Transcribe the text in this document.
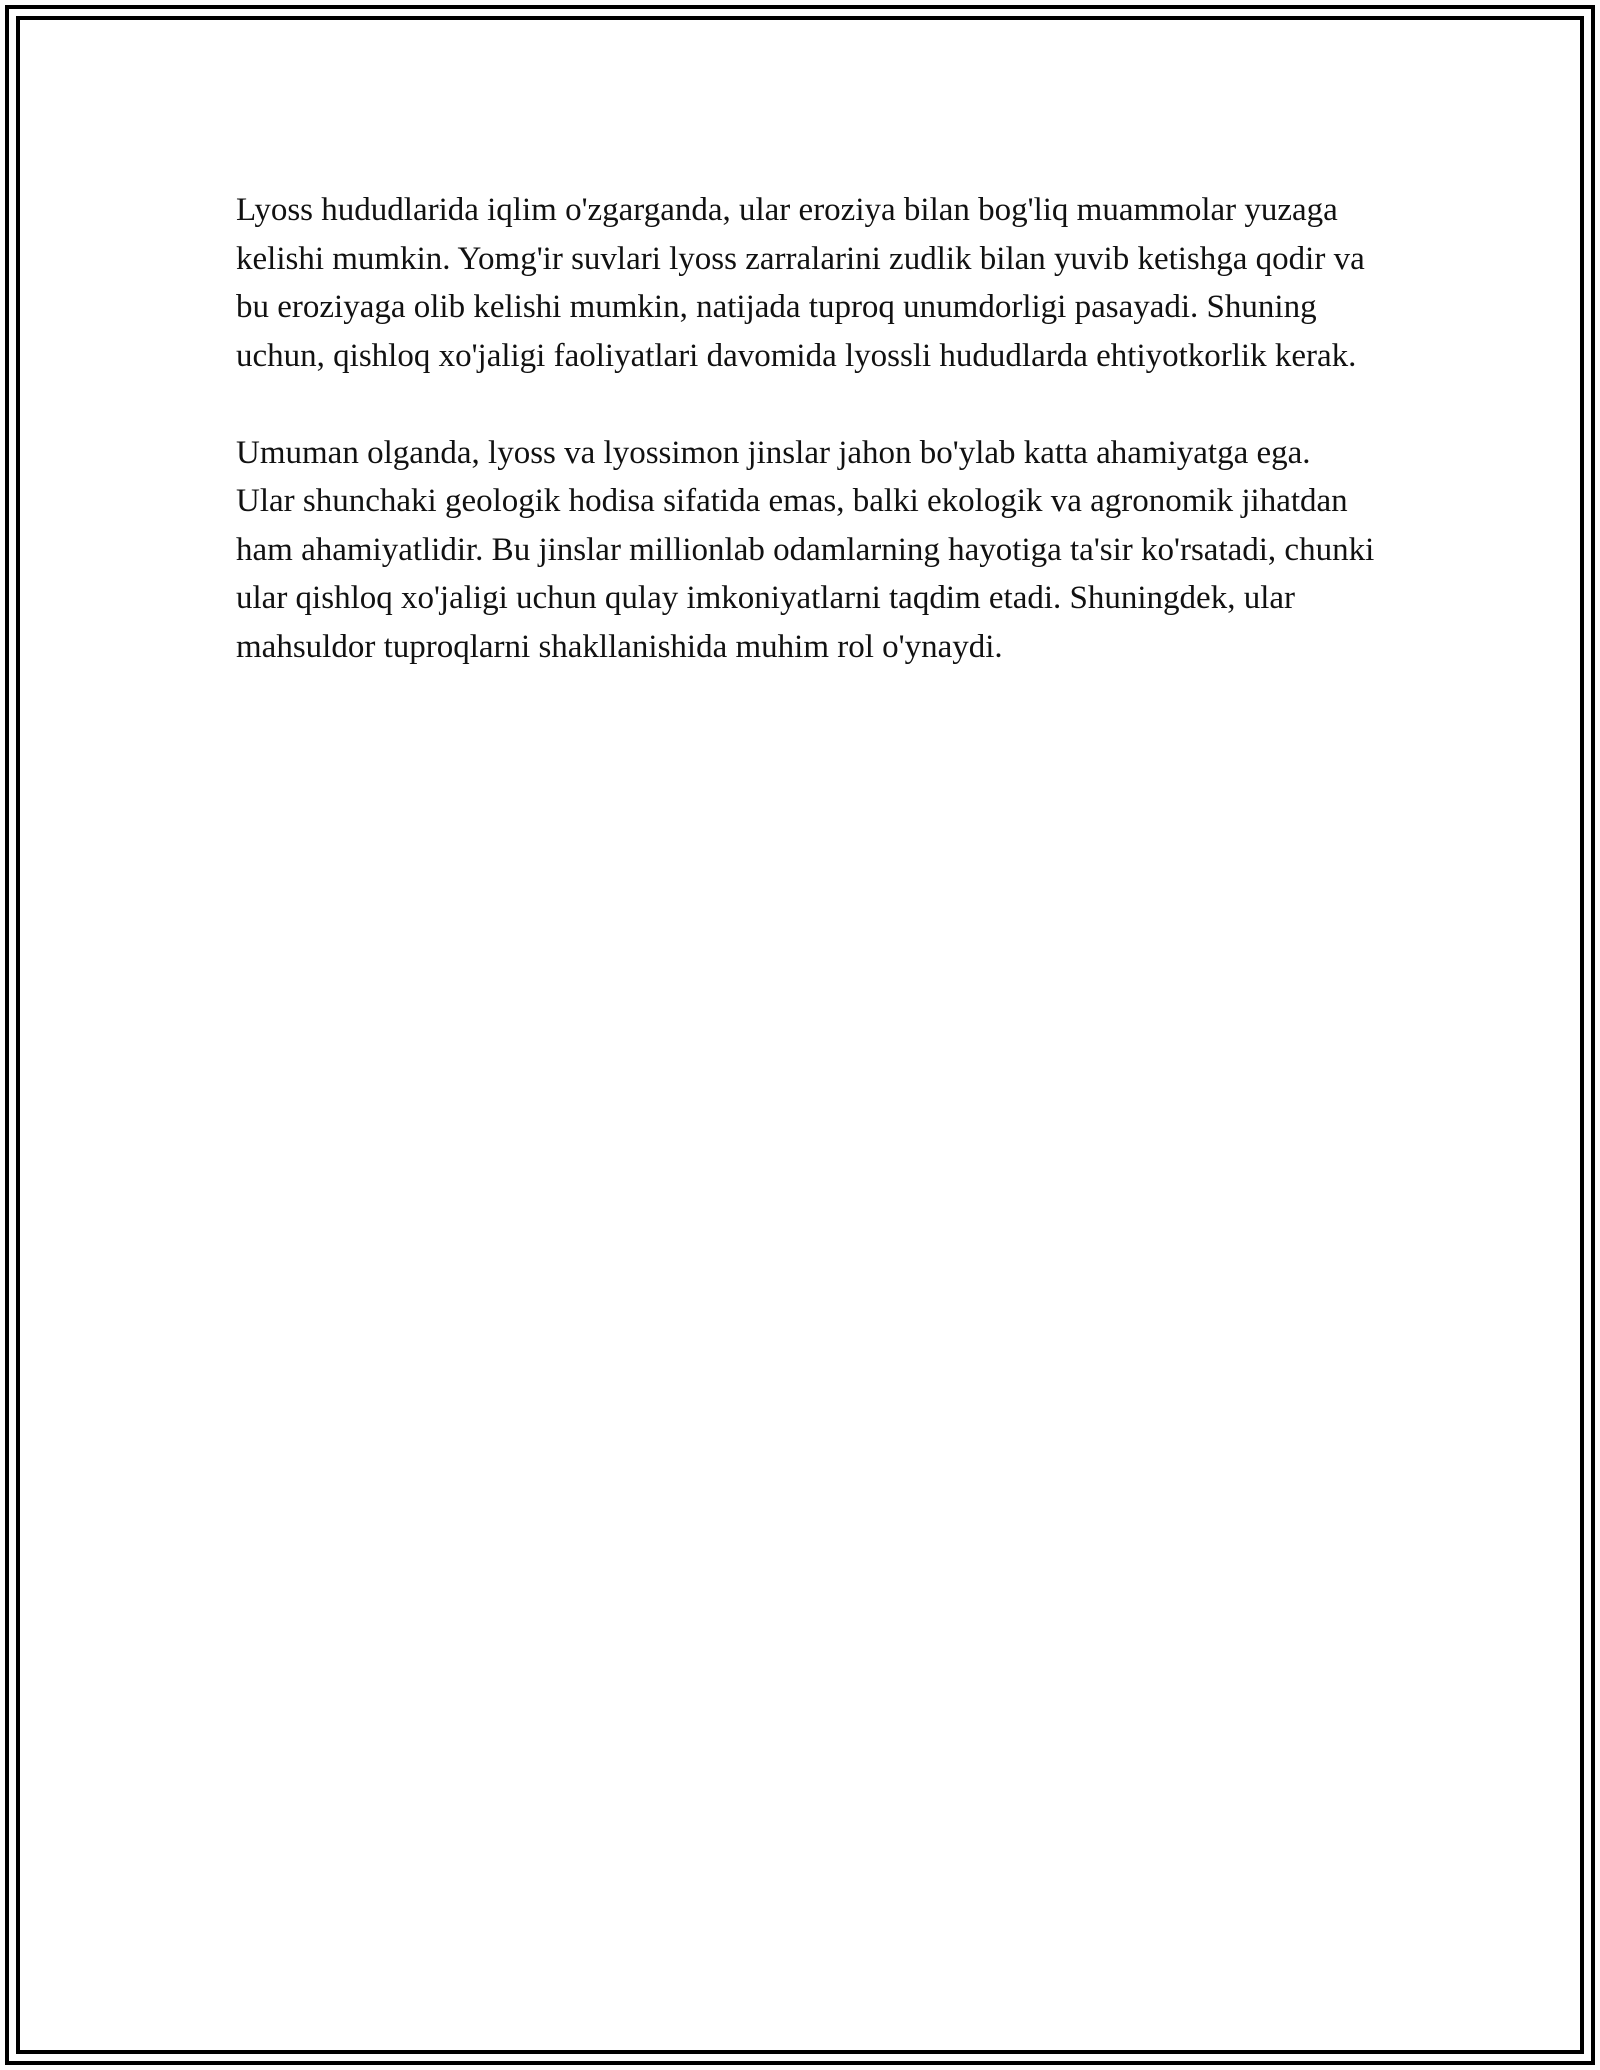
Lyoss hududlarida iqlim o'zgarganda, ular eroziya bilan bog'liq muammolar yuzaga kelishi mumkin. Yomg'ir suvlari lyoss zarralarini zudlik bilan yuvib ketishga qodir va bu eroziyaga olib kelishi mumkin, natijada tuproq unumdorligi pasayadi. Shuning uchun, qishloq xo'jaligi faoliyatlari davomida lyossli hududlarda ehtiyotkorlik kerak.

Umuman olganda, lyoss va lyossimon jinslar jahon bo'ylab katta ahamiyatga ega. Ular shunchaki geologik hodisa sifatida emas, balki ekologik va agronomik jihatdan ham ahamiyatlidir. Bu jinslar millionlab odamlarning hayotiga ta'sir ko'rsatadi, chunki ular qishloq xo'jaligi uchun qulay imkoniyatlarni taqdim etadi. Shuningdek, ular mahsuldor tuproqlarni shakllanishida muhim rol o'ynaydi.
